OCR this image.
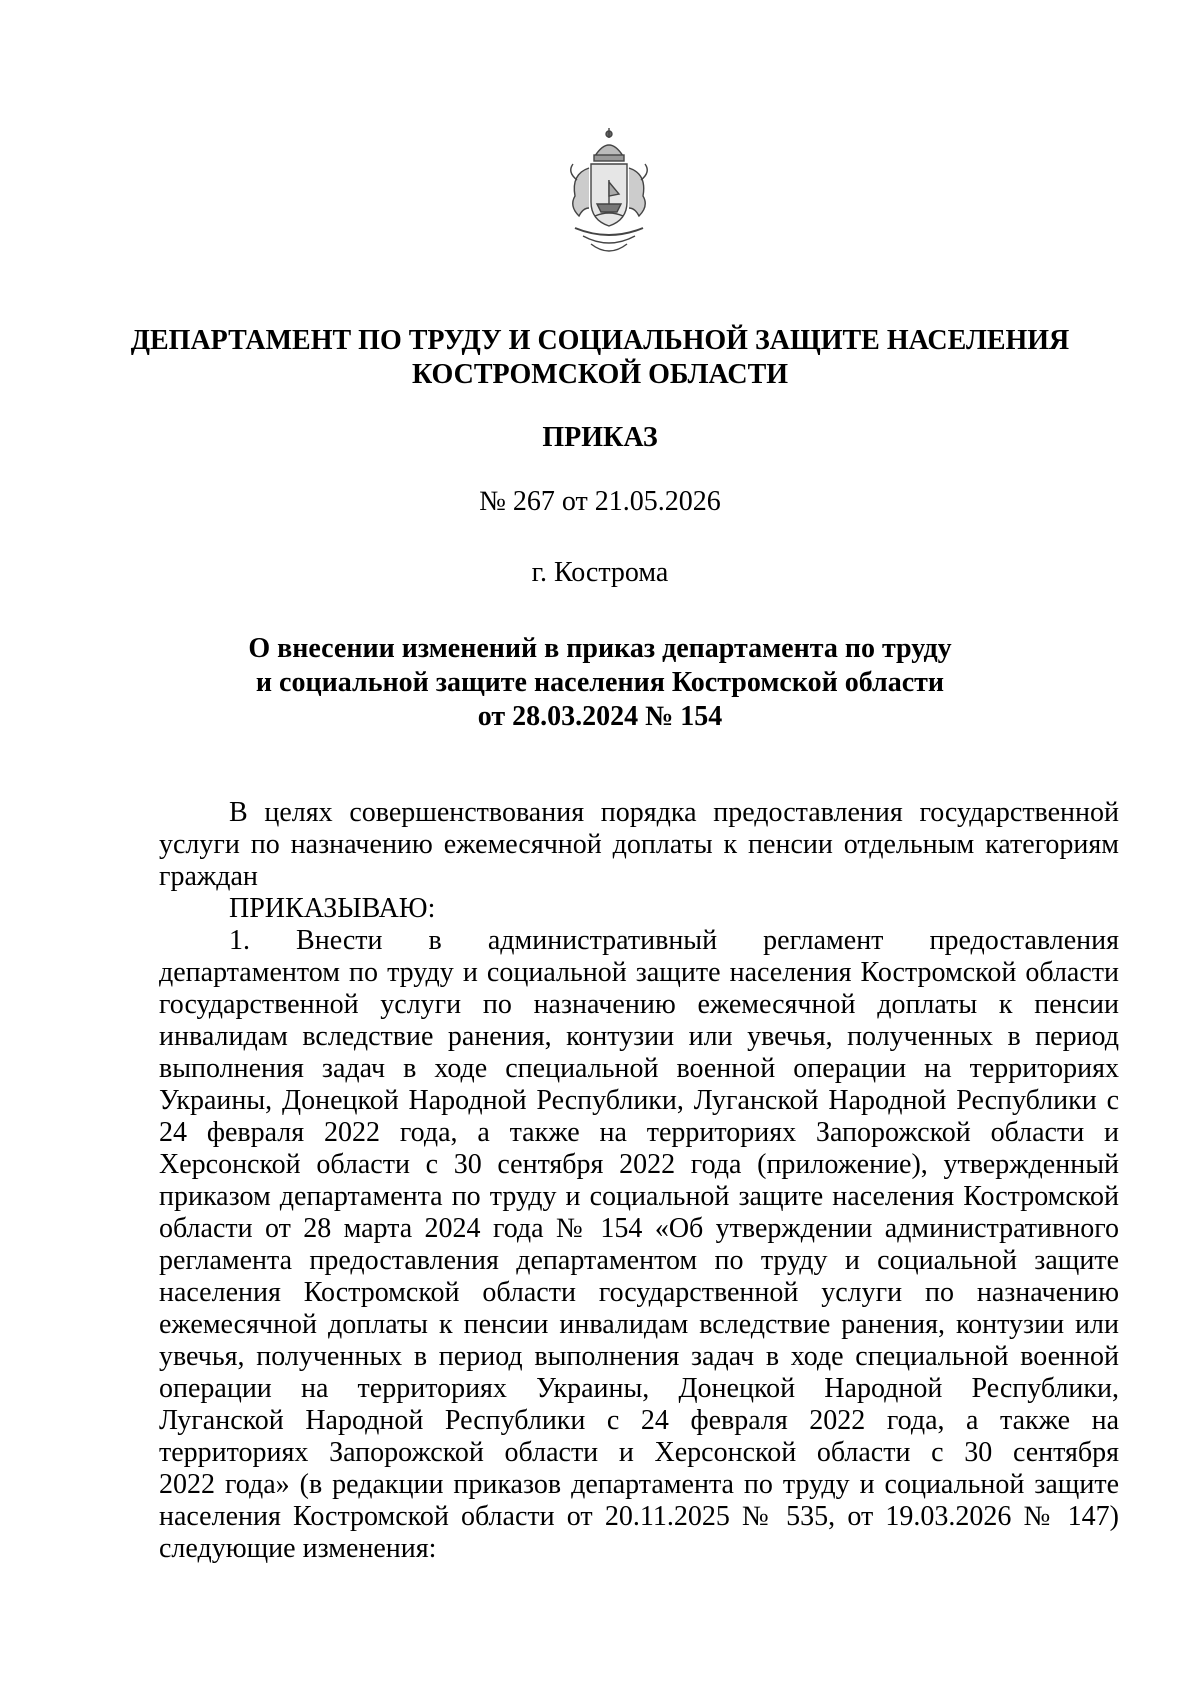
ДЕПАРТАМЕНТ ПО ТРУДУ И СОЦИАЛЬНОЙ ЗАЩИТЕ НАСЕЛЕНИЯ
КОСТРОМСКОЙ ОБЛАСТИ
ПРИКАЗ
№ 267 от 21.05.2026
г. Кострома
О внесении изменений в приказ департамента по труду
и социальной защите населения Костромской области
от 28.03.2024 № 154
В целях совершенствования порядка предоставления государственной
услуги по назначению ежемесячной доплаты к пенсии отдельным категориям
граждан
ПРИКАЗЫВАЮ:
1. Внести в административный регламент предоставления
департаментом по труду и социальной защите населения Костромской области
государственной услуги по назначению ежемесячной доплаты к пенсии
инвалидам вследствие ранения, контузии или увечья, полученных в период
выполнения задач в ходе специальной военной операции на территориях
Украины, Донецкой Народной Республики, Луганской Народной Республики с
24 февраля 2022 года, а также на территориях Запорожской области и
Херсонской области с 30 сентября 2022 года (приложение), утвержденный
приказом департамента по труду и социальной защите населения Костромской
области от 28 марта 2024 года № 154 «Об утверждении административного
регламента предоставления департаментом по труду и социальной защите
населения Костромской области государственной услуги по назначению
ежемесячной доплаты к пенсии инвалидам вследствие ранения, контузии или
увечья, полученных в период выполнения задач в ходе специальной военной
операции на территориях Украины, Донецкой Народной Республики,
Луганской Народной Республики с 24 февраля 2022 года, а также на
территориях Запорожской области и Херсонской области с 30 сентября
2022 года» (в редакции приказов департамента по труду и социальной защите
населения Костромской области от 20.11.2025 № 535, от 19.03.2026 № 147)
следующие изменения:
